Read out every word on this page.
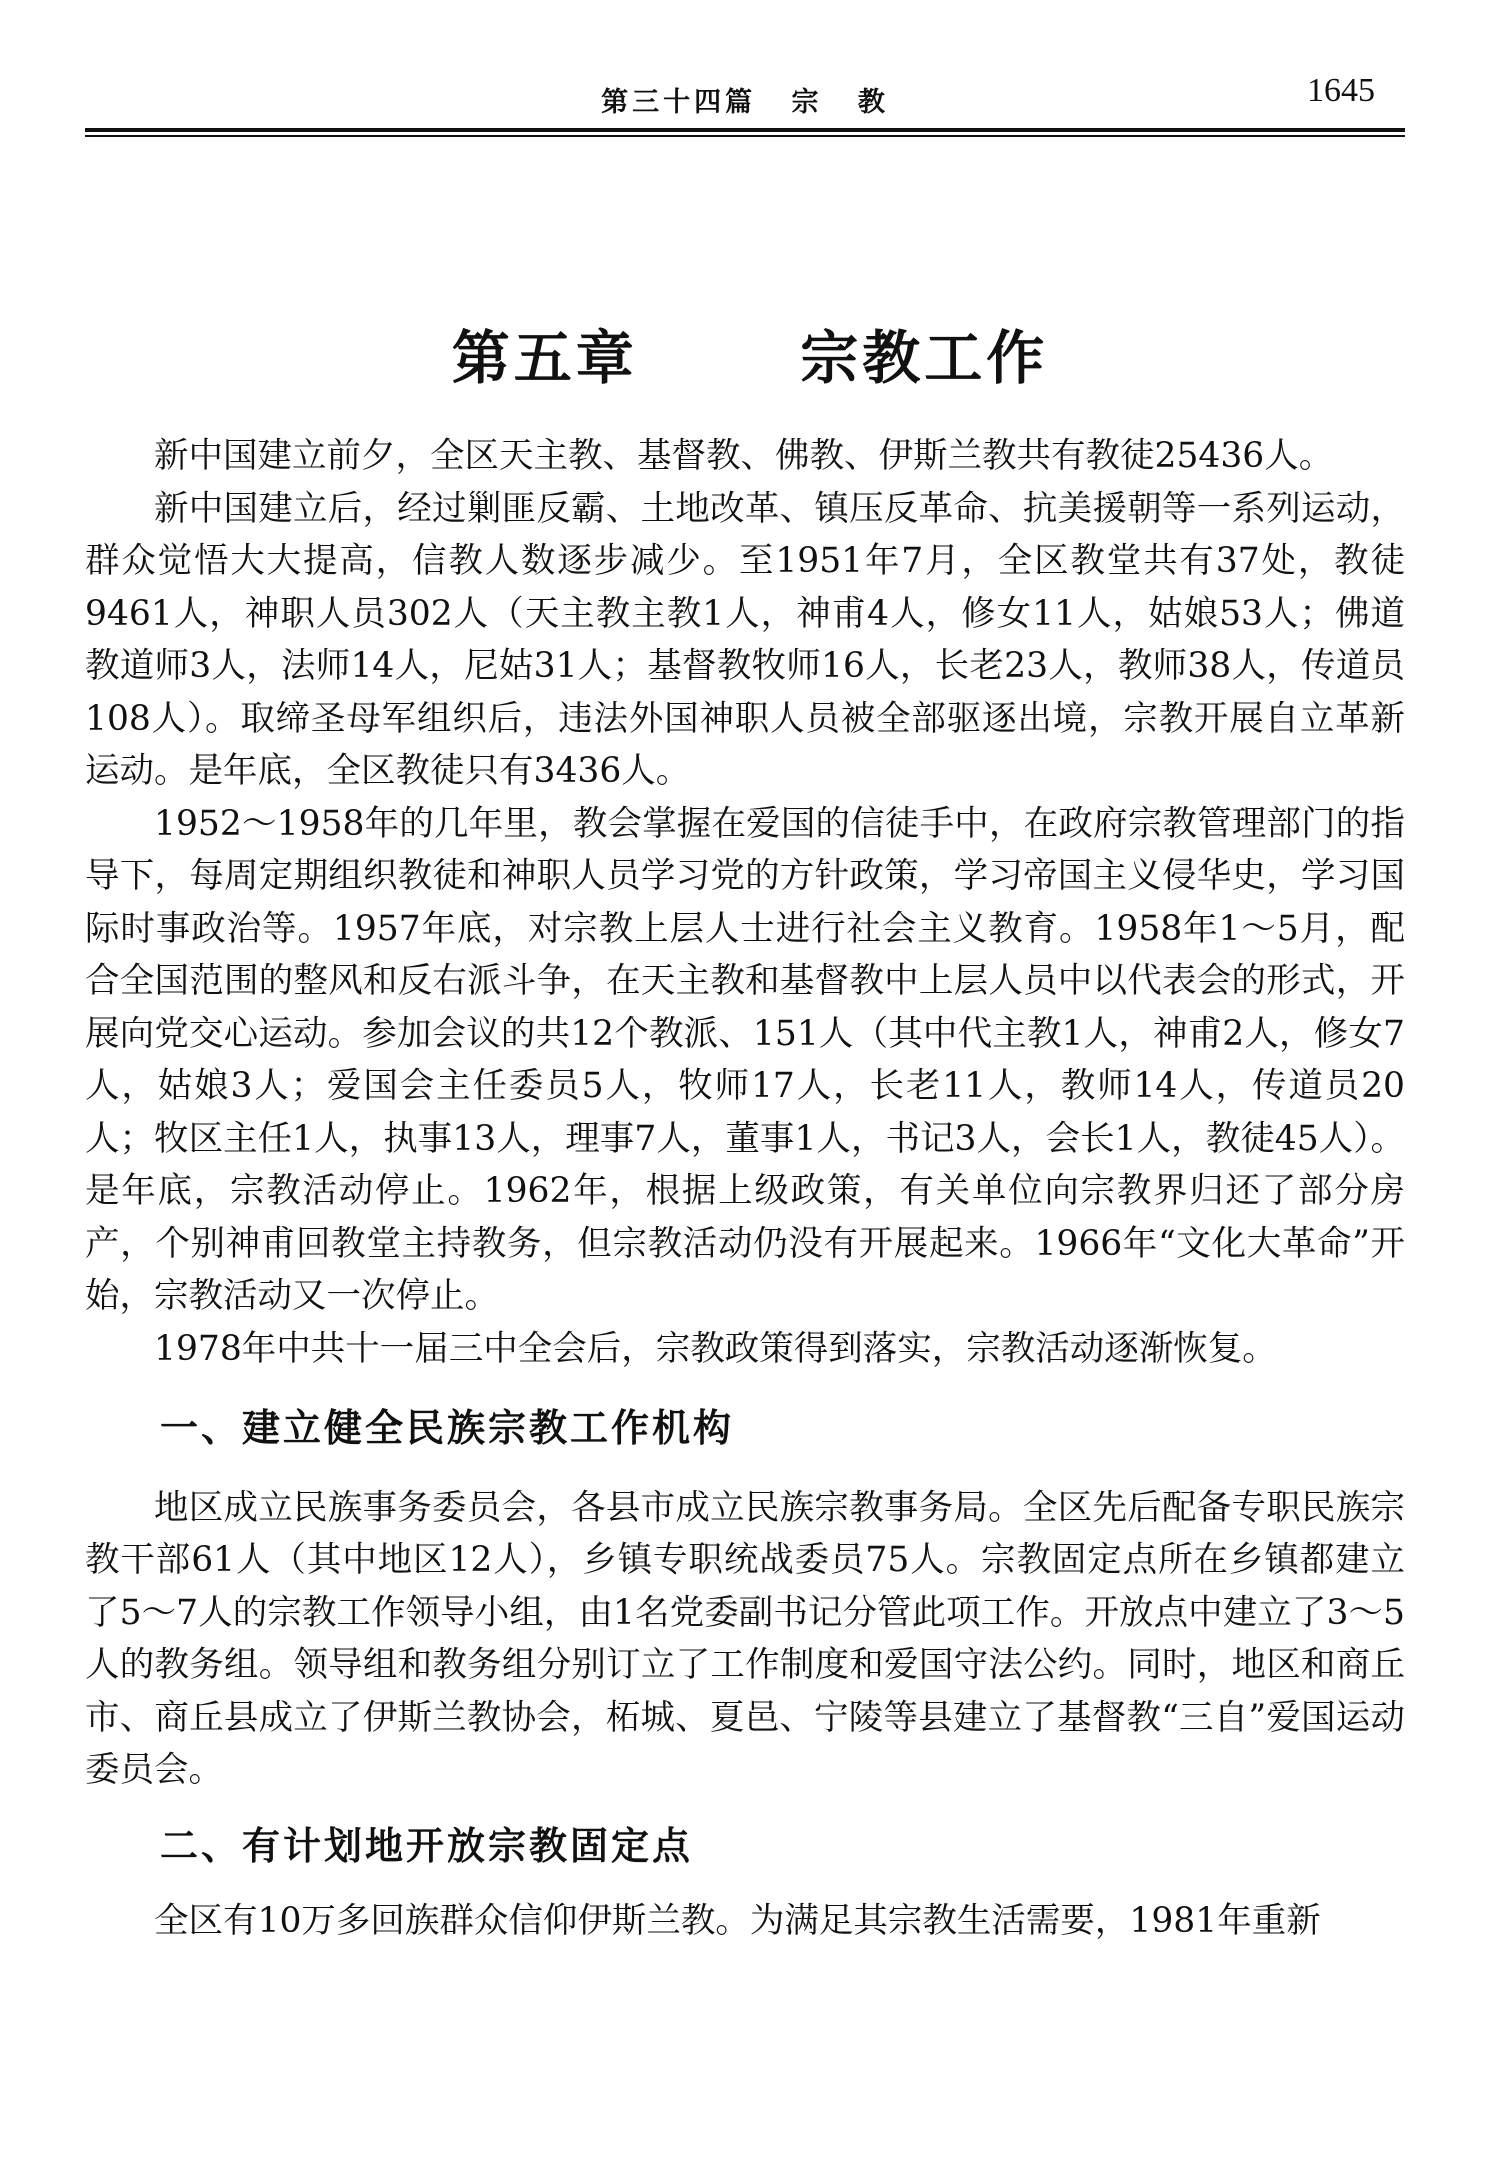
第三十四篇 宗 教	1645
第五章   宗教工作

新中国建立前夕，全区天主教、基督教、佛教、伊斯兰教共有教徒25436人。

新中国建立后，经过剿匪反霸、土地改革、镇压反革命、抗美援朝等一系列运动，群众觉悟大大提高，信教人数逐步减少。至1951年7月，全区教堂共有37处，教徒9461人，神职人员302人（天主教主教1人，神甫4人，修女11人，姑娘53人；佛道教道师3人，法师14人，尼姑31人；基督教牧师16人，长老23人，教师38人，传道员108人）。取缔圣母军组织后，违法外国神职人员被全部驱逐出境，宗教开展自立革新运动。是年底，全区教徒只有3436人。

1952～1958年的几年里，教会掌握在爱国的信徒手中，在政府宗教管理部门的指导下，每周定期组织教徒和神职人员学习党的方针政策，学习帝国主义侵华史，学习国际时事政治等。1957年底，对宗教上层人士进行社会主义教育。1958年1～5月，配合全国范围的整风和反右派斗争，在天主教和基督教中上层人员中以代表会的形式，开展向党交心运动。参加会议的共12个教派、151人（其中代主教1人，神甫2人，修女7人，姑娘3人；爱国会主任委员5人，牧师17人，长老11人，教师14人，传道员20人；牧区主任1人，执事13人，理事7人，董事1人，书记3人，会长1人，教徒45人）。是年底，宗教活动停止。1962年，根据上级政策，有关单位向宗教界归还了部分房产，个别神甫回教堂主持教务，但宗教活动仍没有开展起来。1966年“文化大革命”开始，宗教活动又一次停止。

1978年中共十一届三中全会后，宗教政策得到落实，宗教活动逐渐恢复。

一、建立健全民族宗教工作机构

地区成立民族事务委员会，各县市成立民族宗教事务局。全区先后配备专职民族宗教干部61人（其中地区12人），乡镇专职统战委员75人。宗教固定点所在乡镇都建立了5～7人的宗教工作领导小组，由1名党委副书记分管此项工作。开放点中建立了3～5人的教务组。领导组和教务组分别订立了工作制度和爱国守法公约。同时，地区和商丘市、商丘县成立了伊斯兰教协会，柘城、夏邑、宁陵等县建立了基督教“三自”爱国运动委员会。

二、有计划地开放宗教固定点

全区有10万多回族群众信仰伊斯兰教。为满足其宗教生活需要，1981年重新
